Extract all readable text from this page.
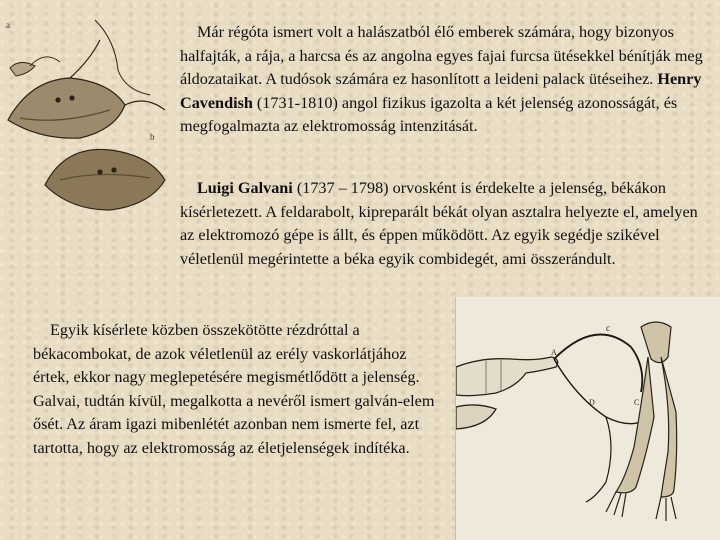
a
b

Már régóta ismert volt a halászatból élő emberek számára, hogy bizonyos halfajták, a rája, a harcsa és az angolna egyes fajai furcsa ütésekkel bénítják meg áldozataikat. A tudósok számára ez hasonlított a leideni palack ütéseihez. Henry Cavendish (1731-1810) angol fizikus igazolta a két jelenség azonosságát, és megfogalmazta az elektromosság intenzitását.

Luigi Galvani (1737 – 1798) orvosként is érdekelte a jelenség, békákon kísérletezett. A feldarabolt, kipreparált békát olyan asztalra helyezte el, amelyen az elektromozó gépe is állt, és éppen működött. Az egyik segédje szikével véletlenül megérintette a béka egyik combidegét, ami összerándult.

Egyik kísérlete közben összekötötte rézdróttal a békacombokat, de azok véletlenül az erély vaskorlátjához értek, ekkor nagy meglepetésére megismétlődött a jelenség. Galvai, tudtán kívül, megalkotta a nevéről ismert galván-elem ősét. Az áram igazi mibenlétét azonban nem ismerte fel, azt tartotta, hogy az elektromosság az életjelenségek indítéka.

c
A
C
D
